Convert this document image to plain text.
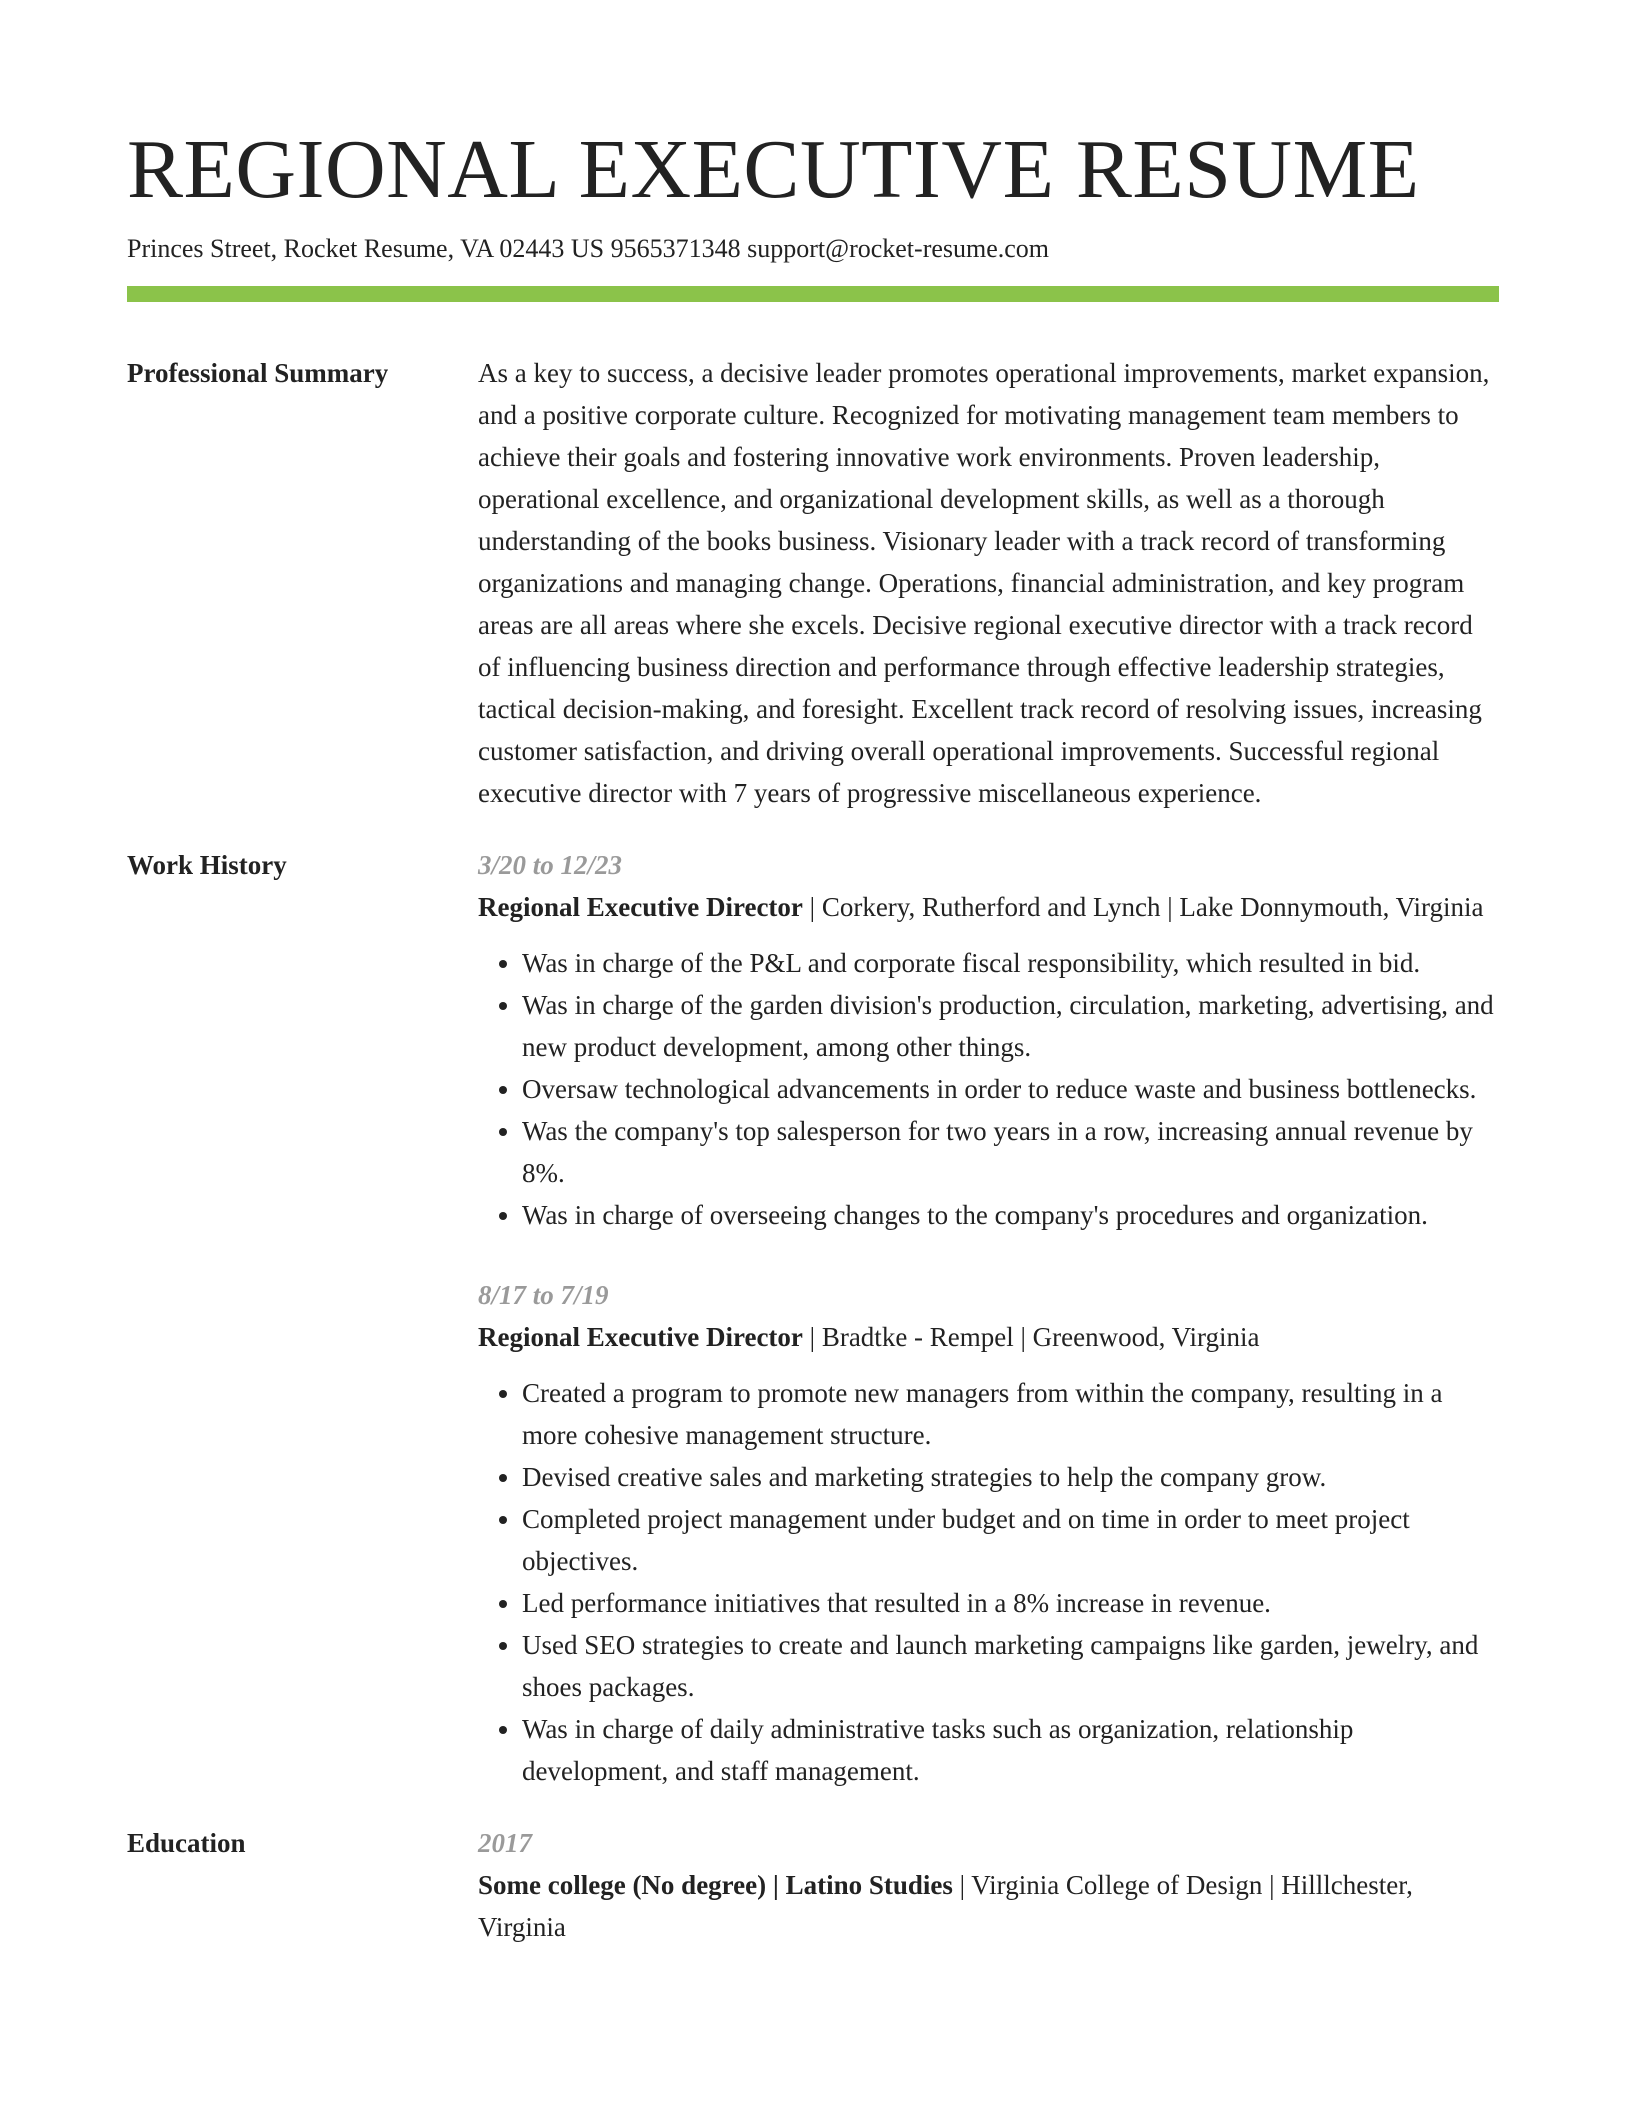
REGIONAL EXECUTIVE RESUME
Princes Street, Rocket Resume, VA 02443 US 9565371348 support@rocket-resume.com
Professional Summary	As a key to success, a decisive leader promotes operational improvements, market expansion, and a positive corporate culture. Recognized for motivating management team members to achieve their goals and fostering innovative work environments. Proven leadership, operational excellence, and organizational development skills, as well as a thorough understanding of the books business. Visionary leader with a track record of transforming organizations and managing change. Operations, financial administration, and key program areas are all areas where she excels. Decisive regional executive director with a track record of influencing business direction and performance through effective leadership strategies, tactical decision-making, and foresight. Excellent track record of resolving issues, increasing customer satisfaction, and driving overall operational improvements. Successful regional executive director with 7 years of progressive miscellaneous experience.

Work History	3/20 to 12/23

Regional Executive Director | Corkery, Rutherford and Lynch | Lake Donnymouth, Virginia

• Was in charge of the P&L and corporate fiscal responsibility, which resulted in bid.
• Was in charge of the garden division's production, circulation, marketing, advertising, and new product development, among other things.
• Oversaw technological advancements in order to reduce waste and business bottlenecks.
• Was the company's top salesperson for two years in a row, increasing annual revenue by 8%.
• Was in charge of overseeing changes to the company's procedures and organization.
8/17 to 7/19

Regional Executive Director | Bradtke - Rempel | Greenwood, Virginia

• Created a program to promote new managers from within the company, resulting in a more cohesive management structure.
• Devised creative sales and marketing strategies to help the company grow.
• Completed project management under budget and on time in order to meet project objectives.
• Led performance initiatives that resulted in a 8% increase in revenue.
• Used SEO strategies to create and launch marketing campaigns like garden, jewelry, and shoes packages.
• Was in charge of daily administrative tasks such as organization, relationship development, and staff management.
Education	2017

Some college (No degree) | Latino Studies | Virginia College of Design | Hilllchester, Virginia
